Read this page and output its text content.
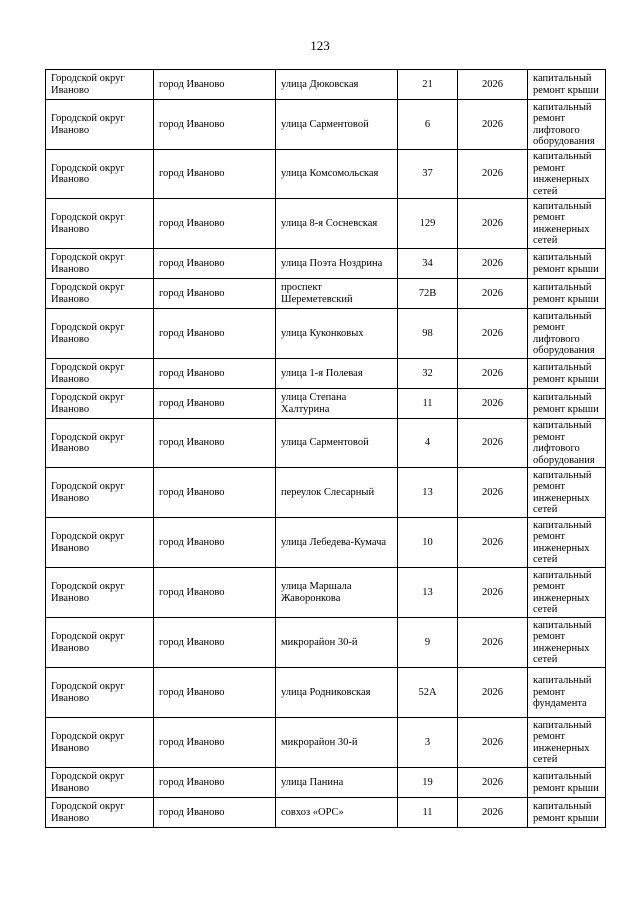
123
Городской округ Иваново	город Иваново	улица Дюковская	21	2026	капитальный ремонт крыши
Городской округ Иваново	город Иваново	улица Сарментовой	6	2026	капитальный ремонт лифтового оборудования
Городской округ Иваново	город Иваново	улица Комсомольская	37	2026	капитальный ремонт инженерных сетей
Городской округ Иваново	город Иваново	улица 8-я Сосневская	129	2026	капитальный ремонт инженерных сетей
Городской округ Иваново	город Иваново	улица Поэта Ноздрина	34	2026	капитальный ремонт крыши
Городской округ Иваново	город Иваново	проспект Шереметевский	72В	2026	капитальный ремонт крыши
Городской округ Иваново	город Иваново	улица Куконковых	98	2026	капитальный ремонт лифтового оборудования
Городской округ Иваново	город Иваново	улица 1-я Полевая	32	2026	капитальный ремонт крыши
Городской округ Иваново	город Иваново	улица Степана Халтурина	11	2026	капитальный ремонт крыши
Городской округ Иваново	город Иваново	улица Сарментовой	4	2026	капитальный ремонт лифтового оборудования
Городской округ Иваново	город Иваново	переулок Слесарный	13	2026	капитальный ремонт инженерных сетей
Городской округ Иваново	город Иваново	улица Лебедева-Кумача	10	2026	капитальный ремонт инженерных сетей
Городской округ Иваново	город Иваново	улица Маршала Жаворонкова	13	2026	капитальный ремонт инженерных сетей
Городской округ Иваново	город Иваново	микрорайон 30-й	9	2026	капитальный ремонт инженерных сетей
Городской округ Иваново	город Иваново	улица Родниковская	52А	2026	капитальный ремонт фундамента
Городской округ Иваново	город Иваново	микрорайон 30-й	3	2026	капитальный ремонт инженерных сетей
Городской округ Иваново	город Иваново	улица Панина	19	2026	капитальный ремонт крыши
Городской округ Иваново	город Иваново	совхоз «ОРС»	11	2026	капитальный ремонт крыши
